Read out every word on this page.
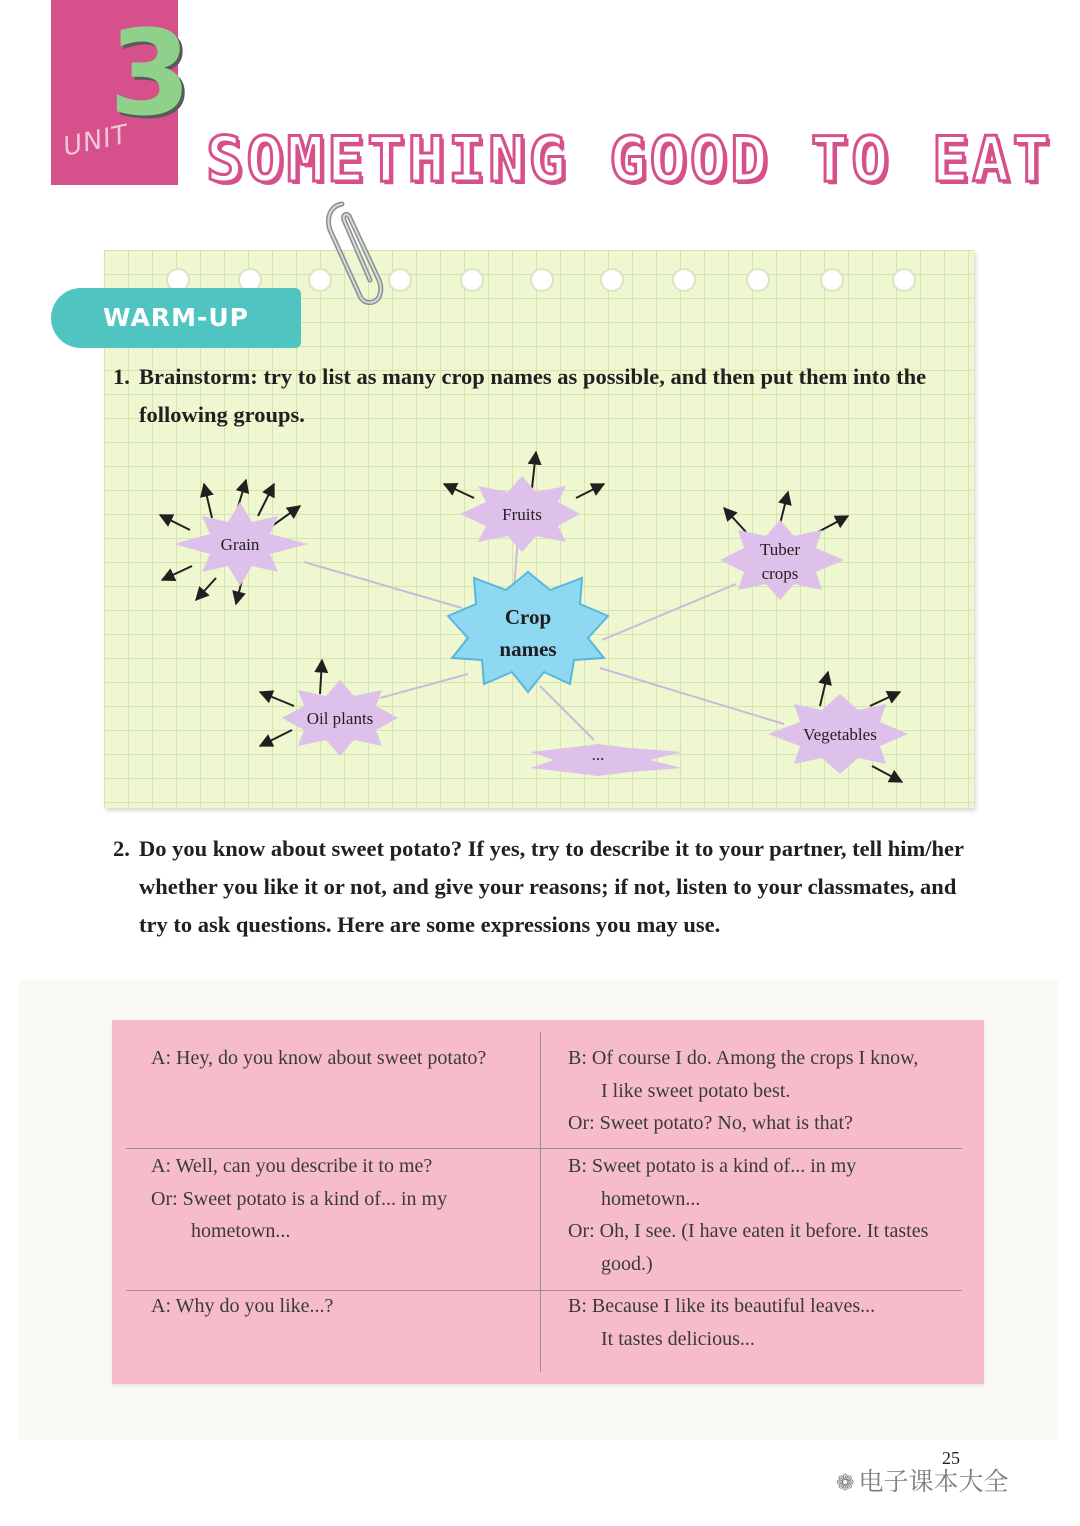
3
UNIT SOMETHING GOOD TO EAT
WARM-UP
1. Brainstorm: try to list as many crop names as possible, and then put them into the following groups.
Grain
Fruits
Tuber
crops
Oil plants
...
Vegetables
Crop
names
2. Do you know about sweet potato? If yes, try to describe it to your partner, tell him/her whether you like it or not, and give your reasons; if not, listen to your classmates, and try to ask questions. Here are some expressions you may use.
A: Hey, do you know about sweet potato?	B: Of course I do. Among the crops I know,
I like sweet potato best.
Or: Sweet potato? No, what is that?
A: Well, can you describe it to me?
Or: Sweet potato is a kind of... in my
hometown...
B: Sweet potato is a kind of... in my
hometown...
Or: Oh, I see. (I have eaten it before. It tastes
good.)
A: Why do you like...?	B: Because I like its beautiful leaves...
It tastes delicious...
25
❁ 电子课本大全
